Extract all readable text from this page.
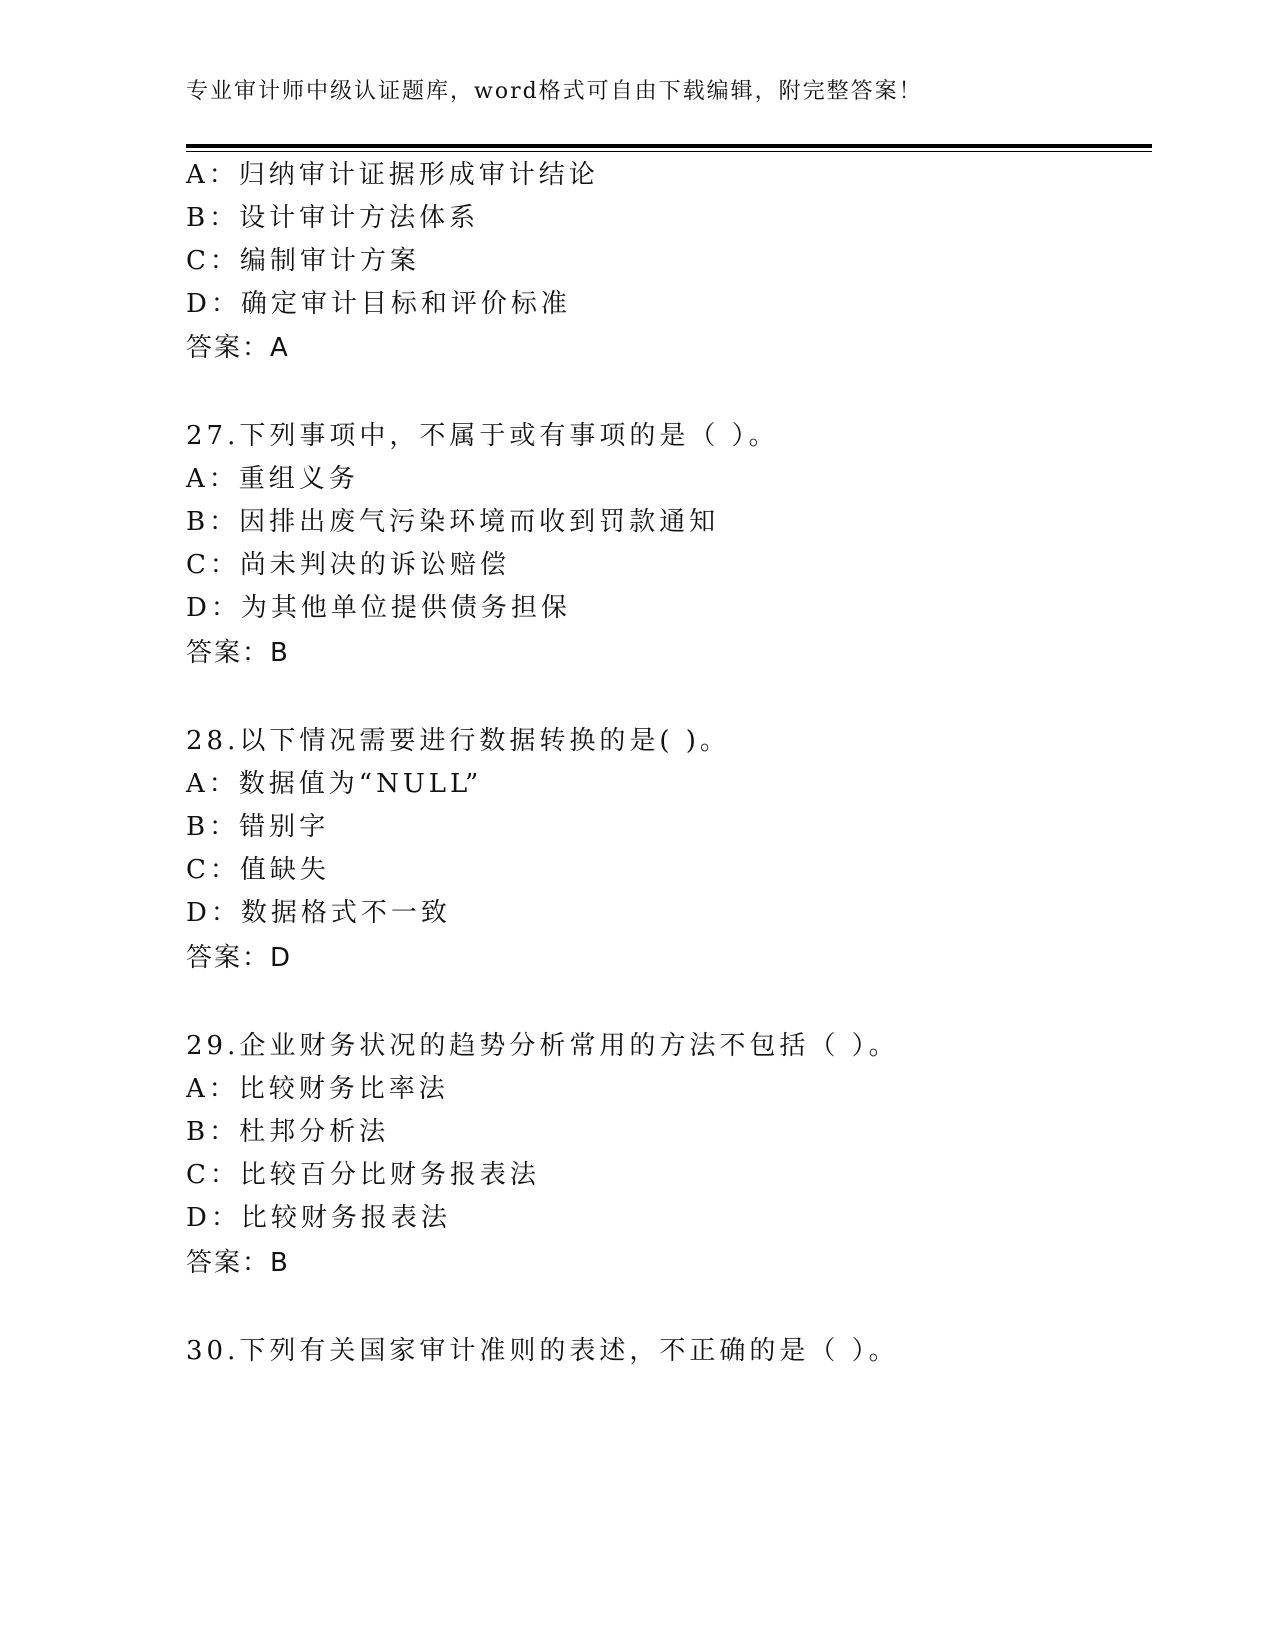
专业审计师中级认证题库，word格式可自由下载编辑，附完整答案！
A：归纳审计证据形成审计结论
B：设计审计方法体系
C：编制审计方案
D：确定审计目标和评价标准
答案：A
27.下列事项中，不属于或有事项的是（ ）。
A：重组义务
B：因排出废气污染环境而收到罚款通知
C：尚未判决的诉讼赔偿
D：为其他单位提供债务担保
答案：B
28.以下情况需要进行数据转换的是( )。
A：数据值为“NULL”
B：错别字
C：值缺失
D：数据格式不一致
答案：D
29.企业财务状况的趋势分析常用的方法不包括（ ）。
A：比较财务比率法
B：杜邦分析法
C：比较百分比财务报表法
D：比较财务报表法
答案：B
30.下列有关国家审计准则的表述，不正确的是（ ）。
